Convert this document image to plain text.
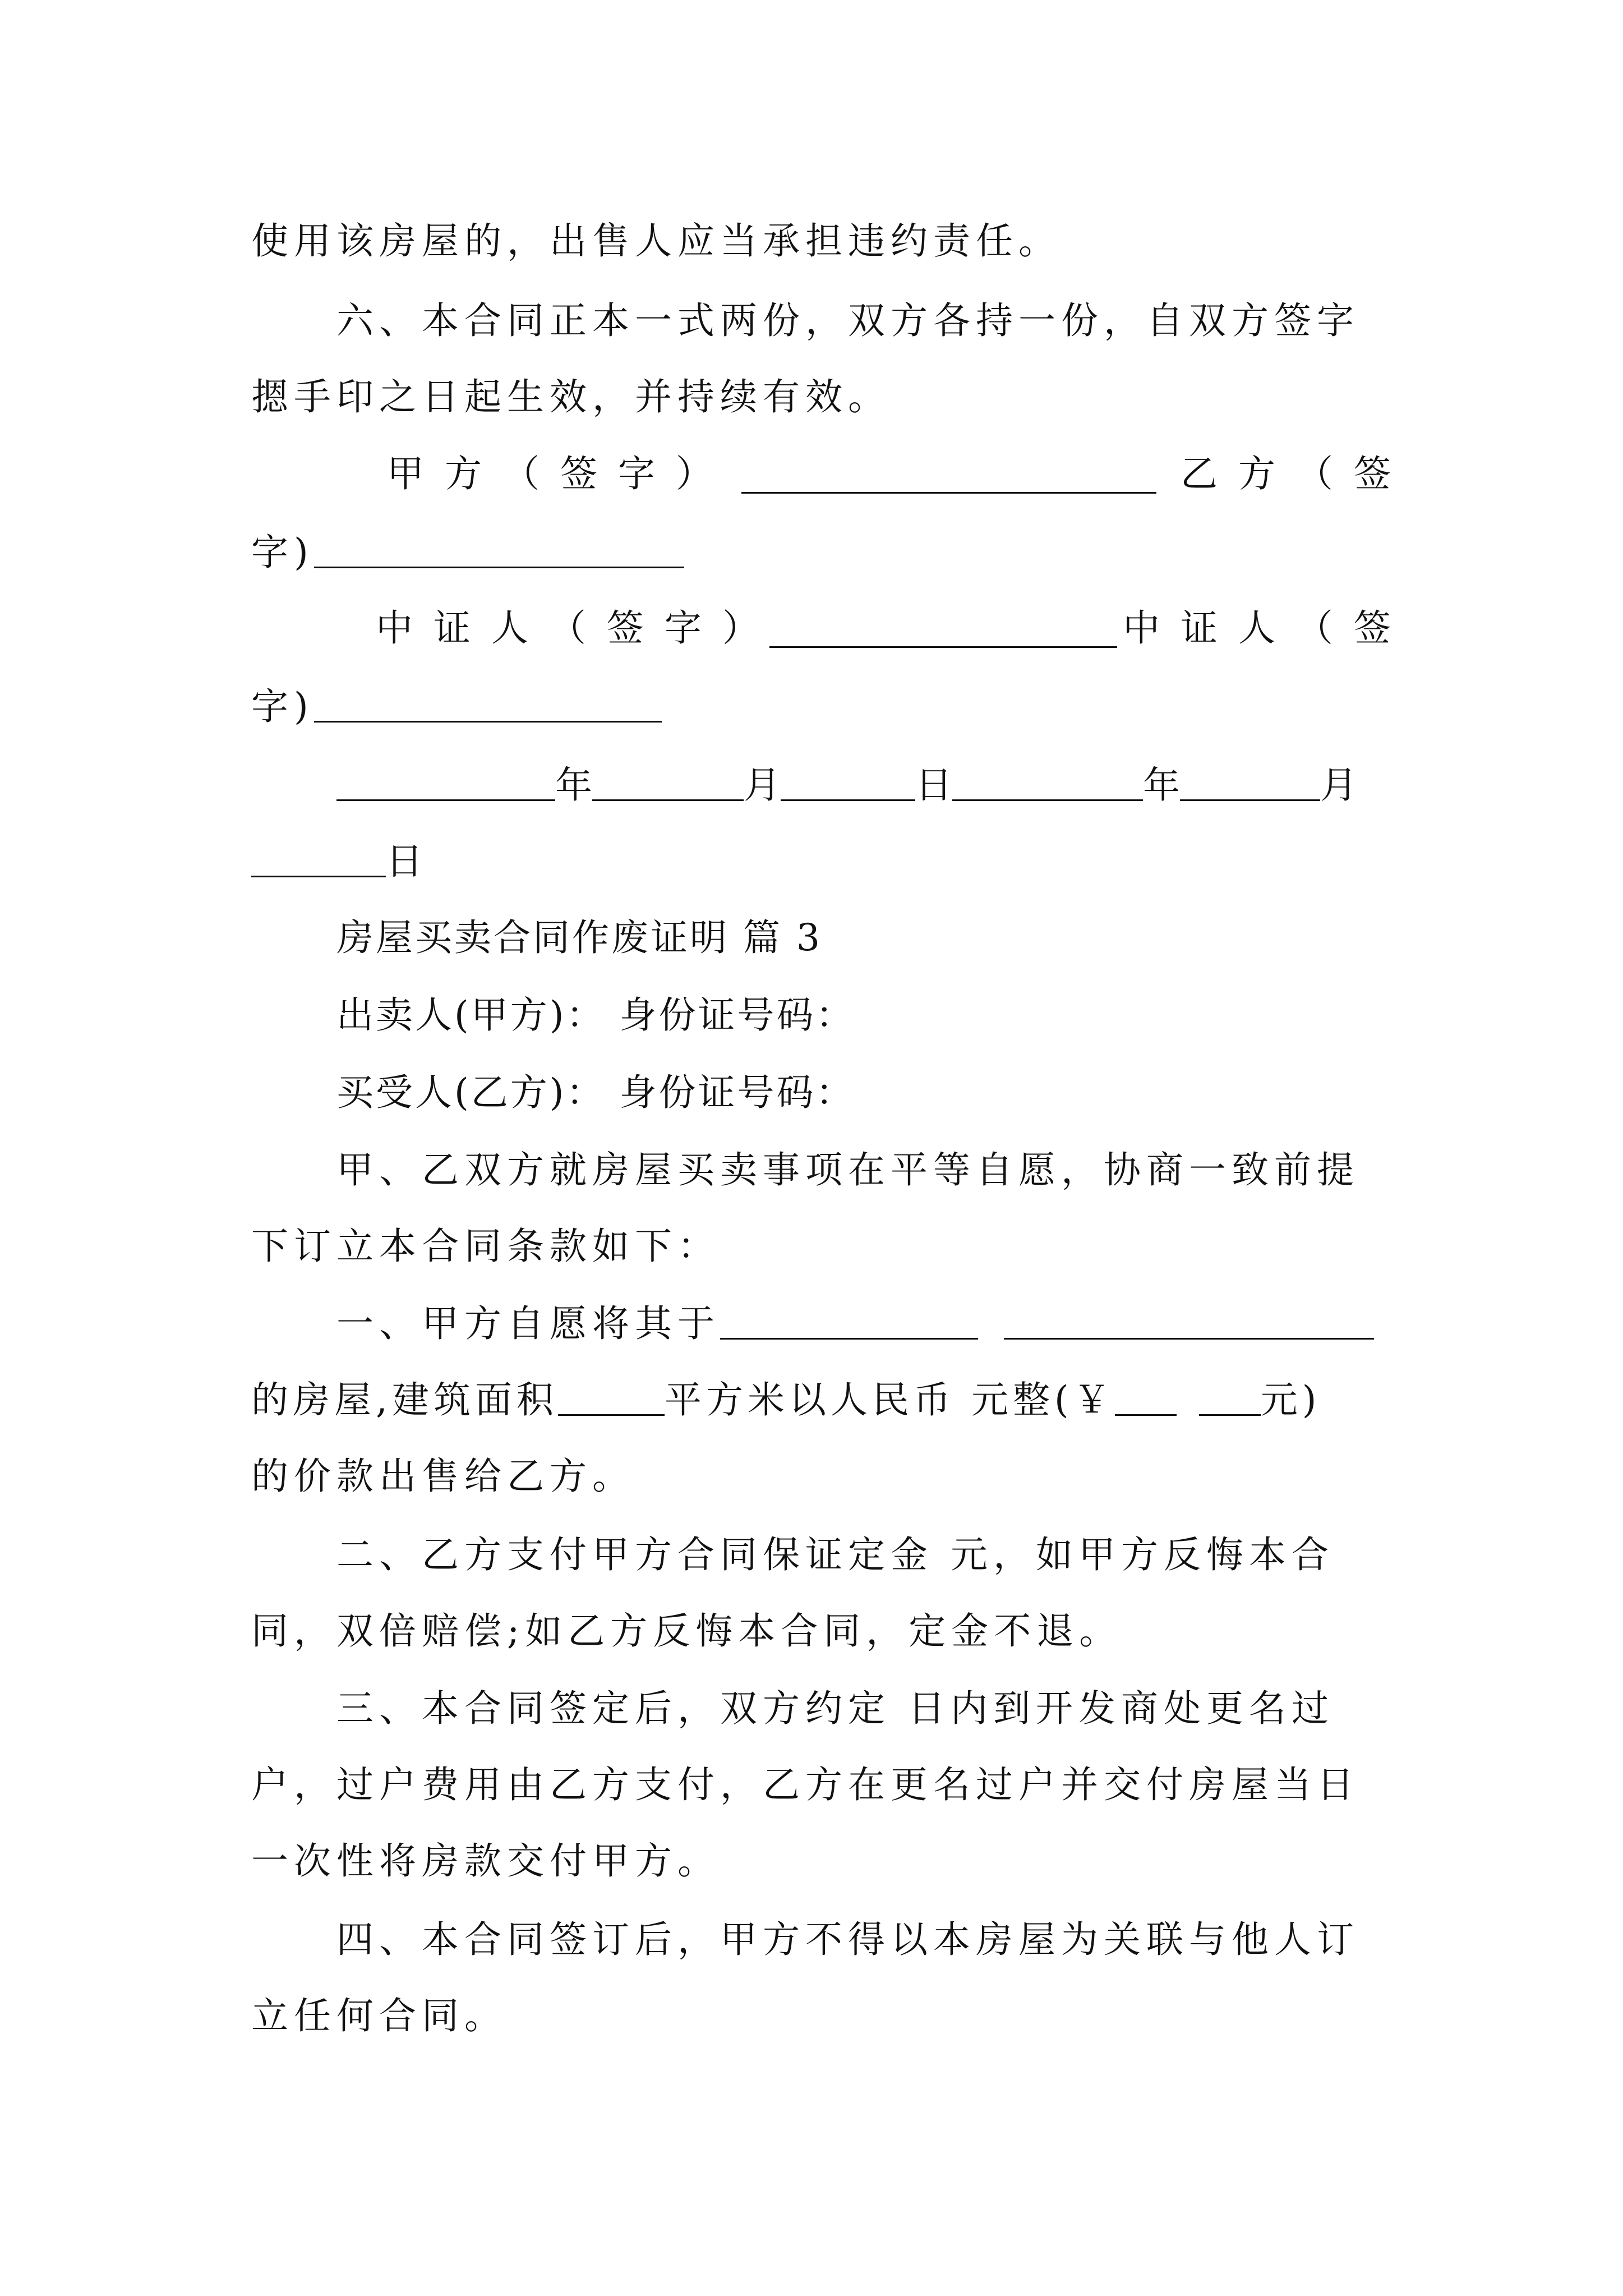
使用该房屋的，出售人应当承担违约责任。
六、本合同正本一式两份，双方各持一份，自双方签字
摁手印之日起生效，并持续有效。
甲 方 （ 签 字 ）	乙 方 （ 签
字)
中 证 人 （ 签 字 ）	中 证 人 （ 签
字)
年	月	日	年	月
日
房屋买卖合同作废证明 篇 3
出卖人(甲方)： 身份证号码：
买受人(乙方)： 身份证号码：
甲、乙双方就房屋买卖事项在平等自愿，协商一致前提
下订立本合同条款如下：
一、甲方自愿将其于
的房屋,建筑面积	平方米以人民币 元整(￥	元)
的价款出售给乙方。
二、乙方支付甲方合同保证定金 元，如甲方反悔本合
同，双倍赔偿;如乙方反悔本合同，定金不退。
三、本合同签定后，双方约定 日内到开发商处更名过
户，过户费用由乙方支付，乙方在更名过户并交付房屋当日
一次性将房款交付甲方。
四、本合同签订后，甲方不得以本房屋为关联与他人订
立任何合同。
